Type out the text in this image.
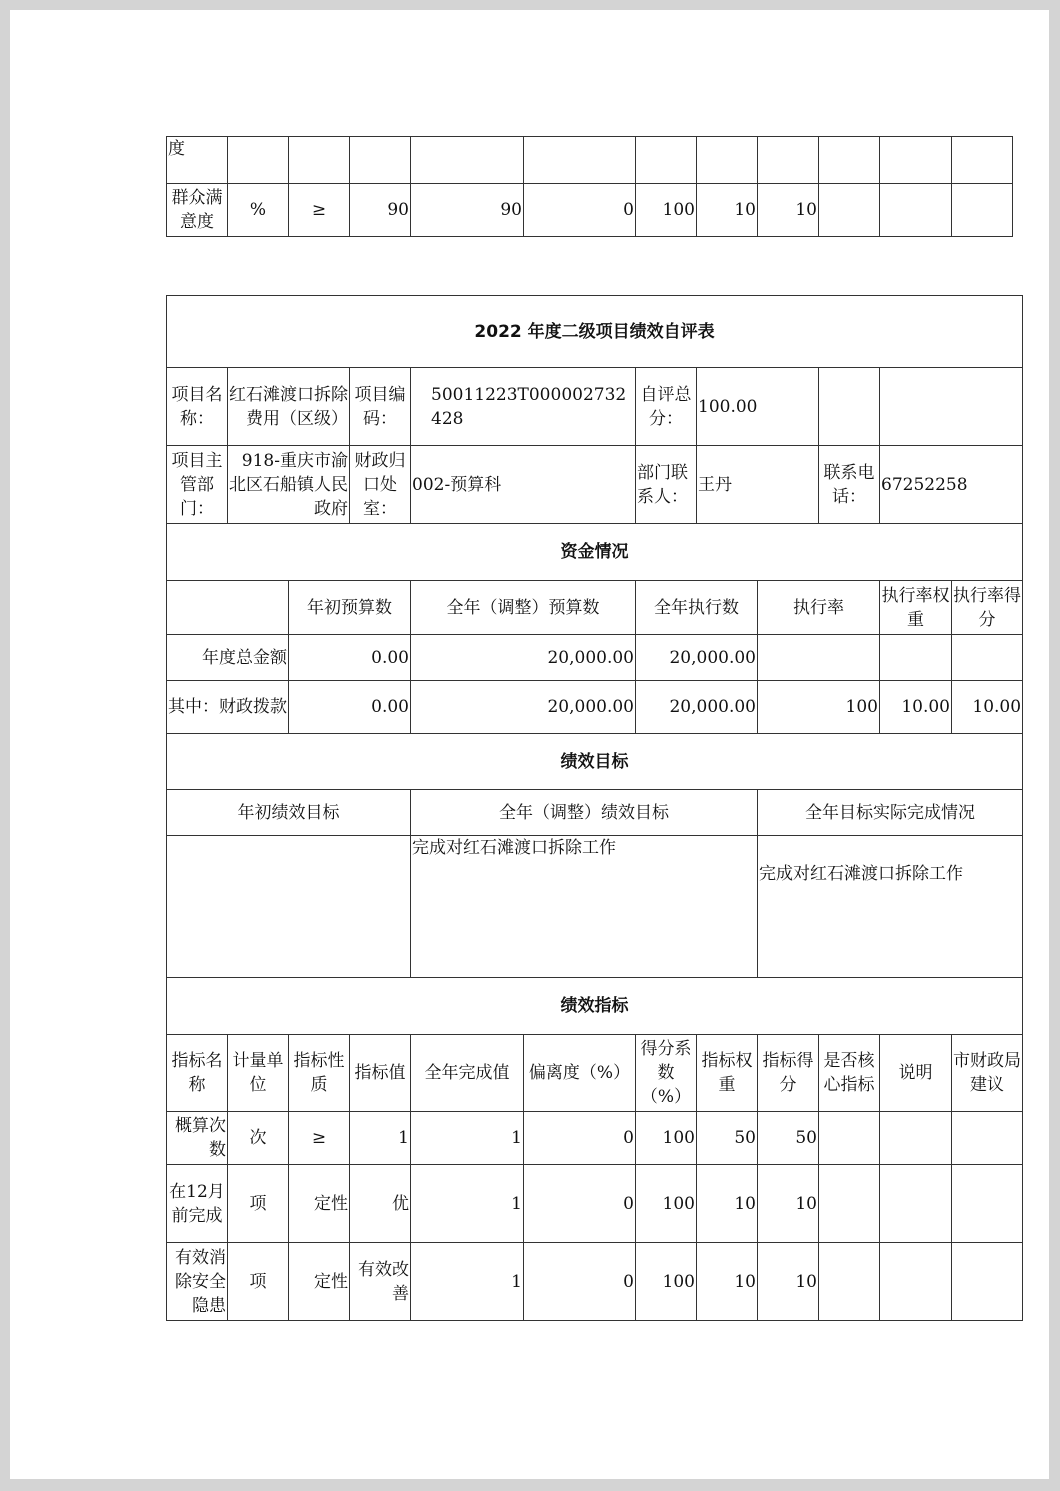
度											
群众满意度	%	≥	90	90	0	100	10	10			
2022 年度二级项目绩效自评表											
项目名称：	红石滩渡口拆除费用（区级）		项目编码：	50011223T000002732428		自评总分：	100.00				
项目主管部门：	918-重庆市渝北区石船镇人民政府		财政归口处室：	002-预算科		部门联系人：	王丹		联系电话：	67252258	
资金情况											
		年初预算数		全年（调整）预算数		全年执行数		执行率		执行率权重	执行率得分
年度总金额		0.00		20,000.00		20,000.00					
其中：财政拨款		0.00		20,000.00		20,000.00		100		10.00	10.00
绩效目标											
年初绩效目标				全年（调整）绩效目标				全年目标实际完成情况			
				完成对红石滩渡口拆除工作				完成对红石滩渡口拆除工作			
绩效指标											
指标名称	计量单位	指标性质	指标值	全年完成值	偏离度（%）	得分系数（%）	指标权重	指标得分	是否核心指标	说明	市财政局建议
概算次数	次	≥	1	1	0	100	50	50			
在12月前完成	项	定性	优	1	0	100	10	10			
有效消除安全隐患	项	定性	有效改善	1	0	100	10	10			
